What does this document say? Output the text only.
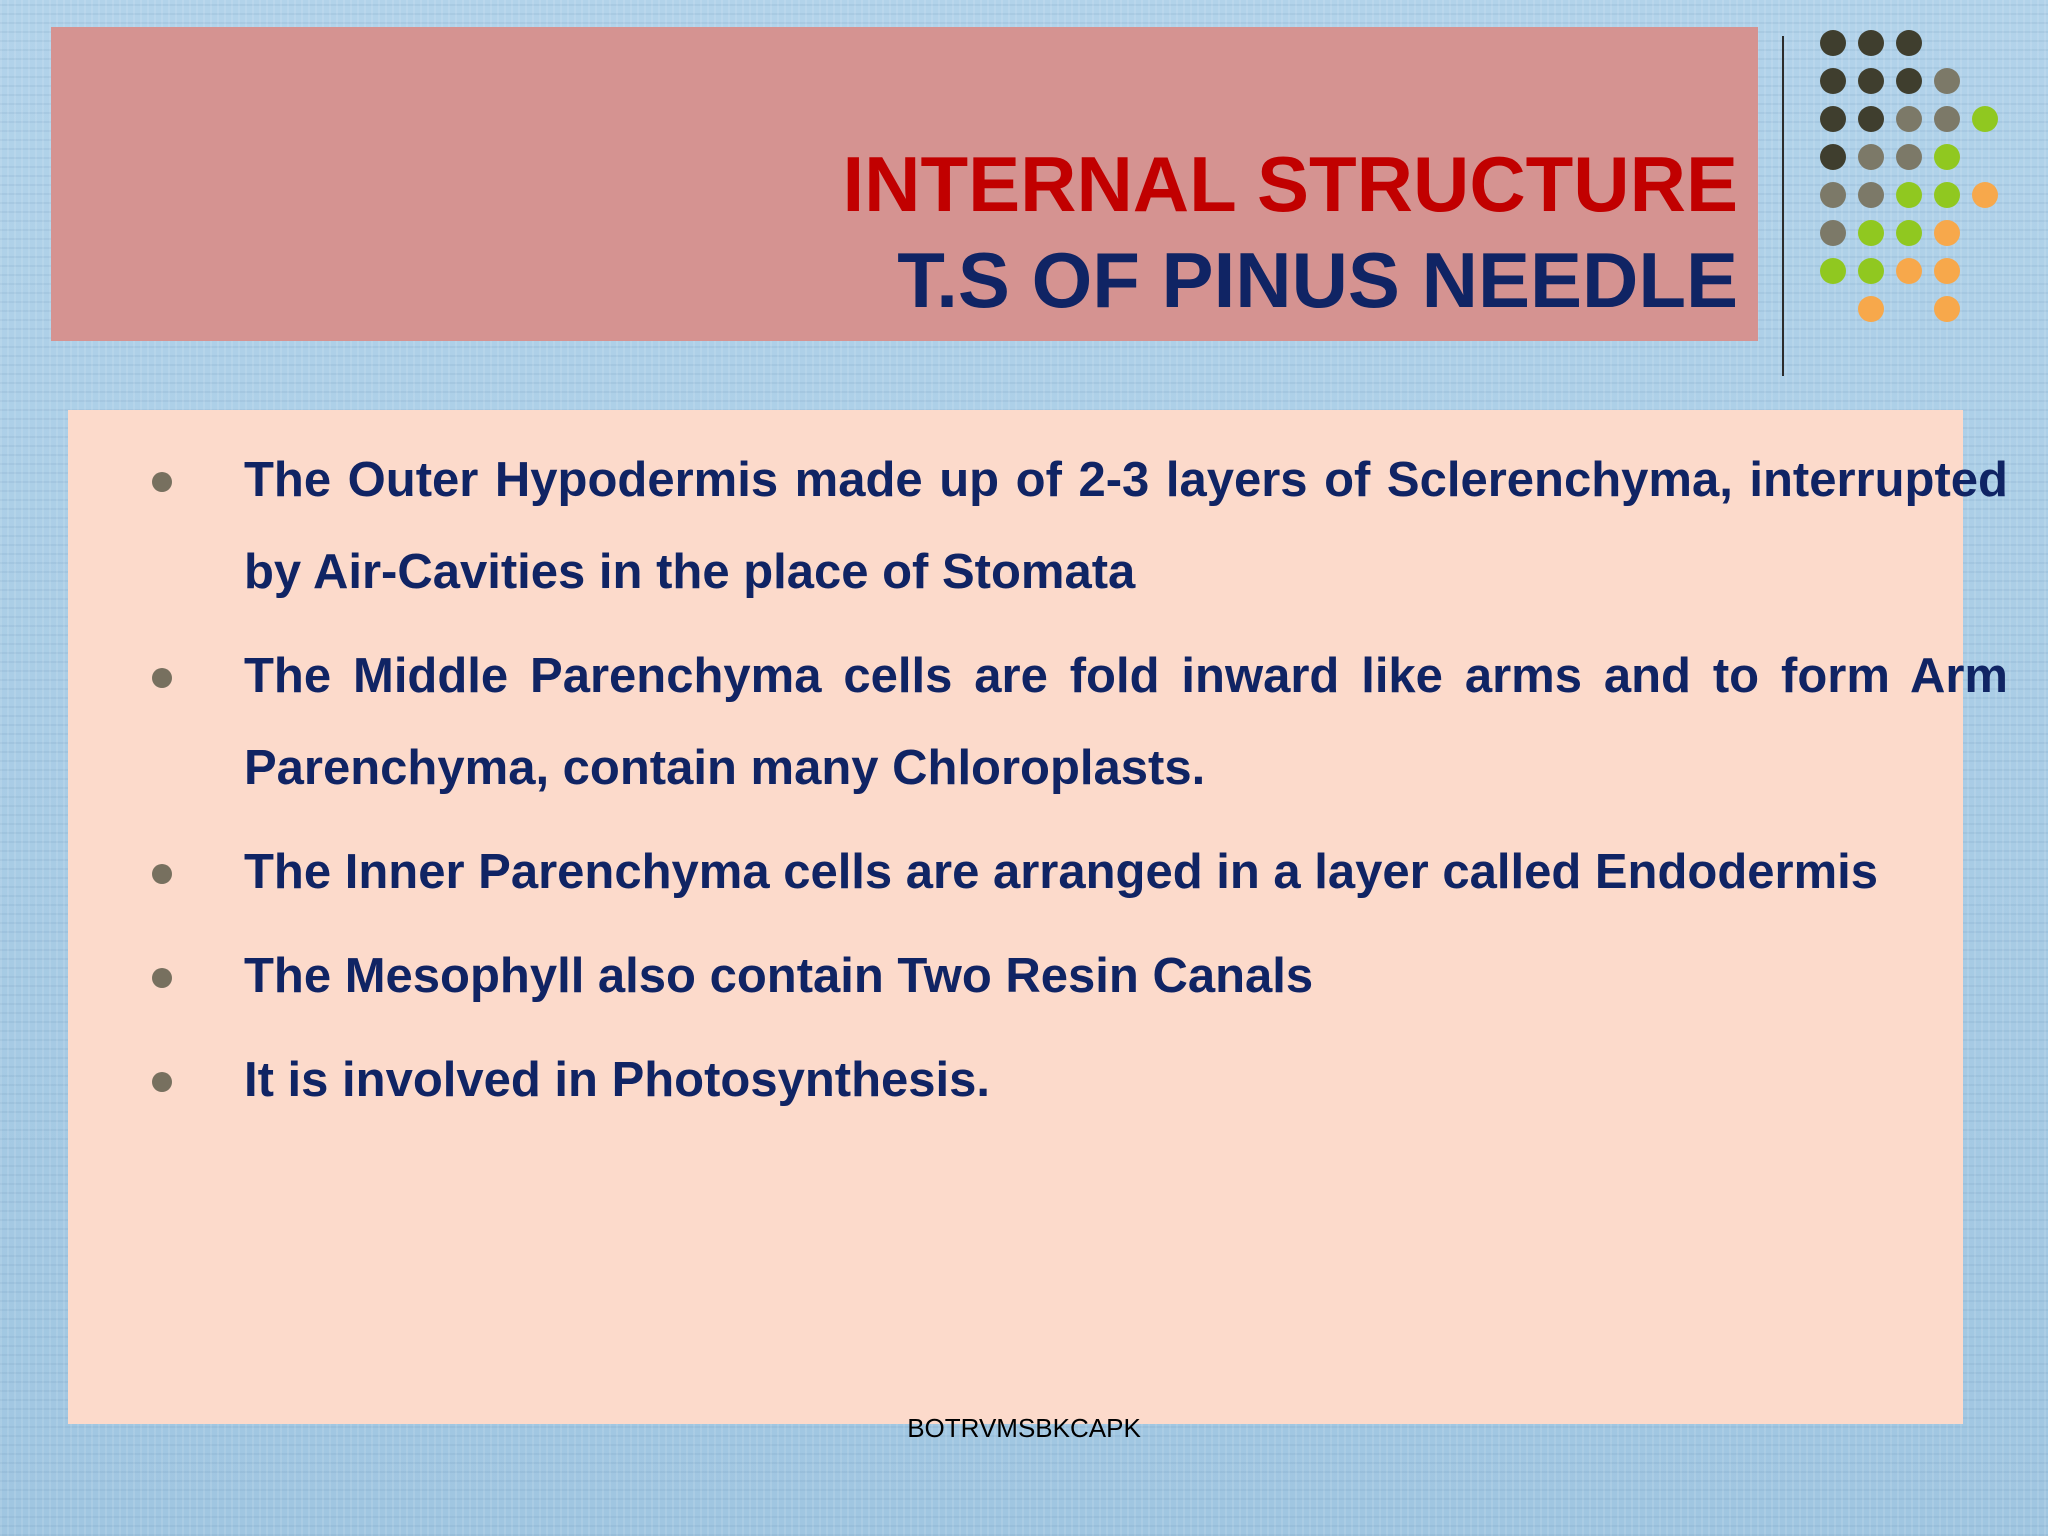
INTERNAL STRUCTURE
T.S OF PINUS NEEDLE

The Outer Hypodermis made up of 2-3 layers of Sclerenchyma, interrupted by Air-Cavities in the place of Stomata

The Middle Parenchyma cells are fold inward like arms and to form Arm Parenchyma, contain many Chloroplasts.

The Inner Parenchyma cells are arranged in a layer called Endodermis

The Mesophyll also contain Two Resin Canals

It is involved in Photosynthesis.

BOTRVMSBKCAPK
